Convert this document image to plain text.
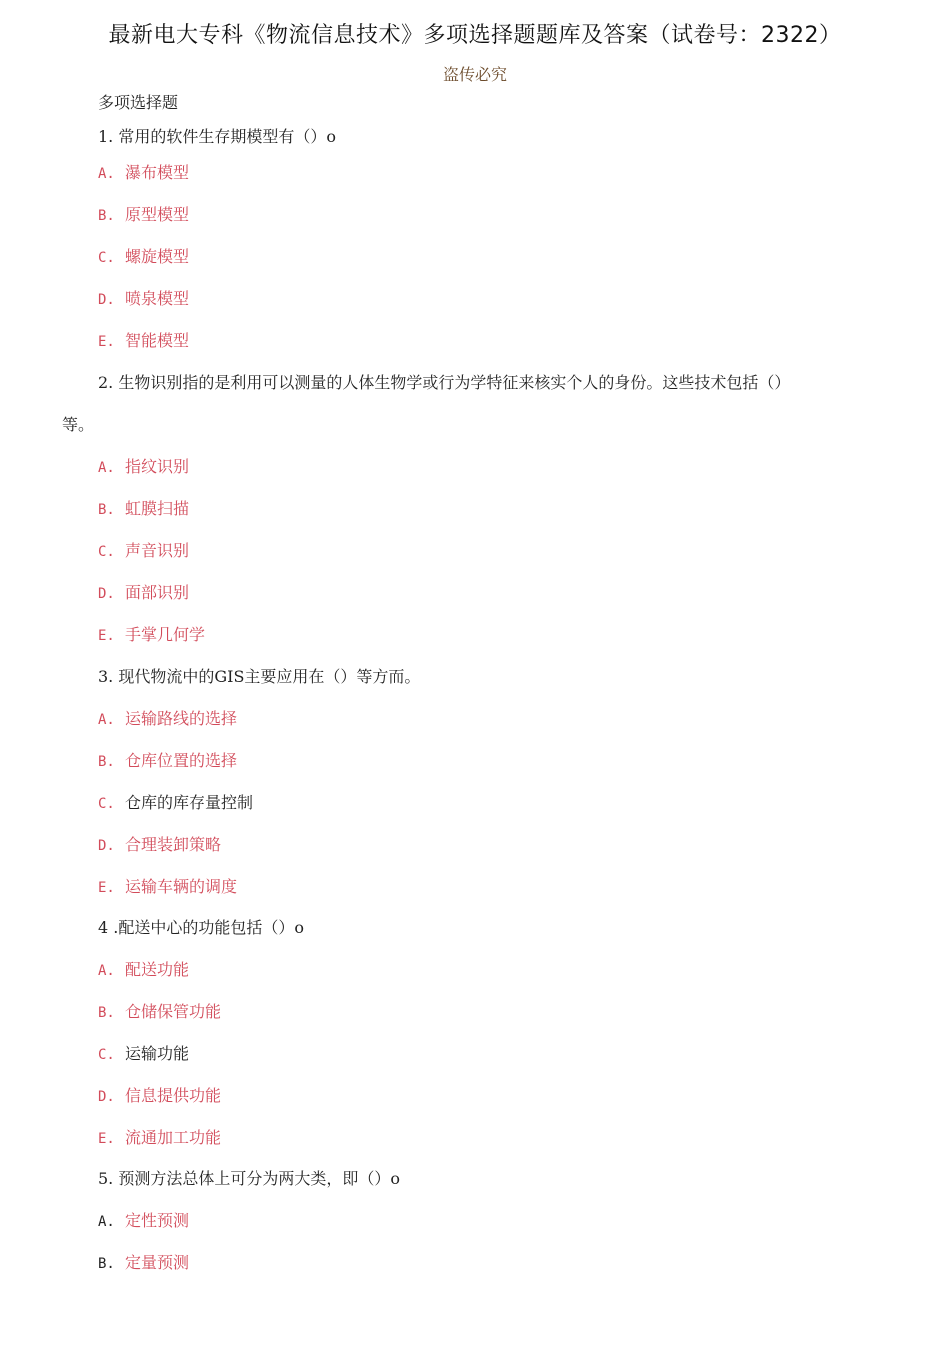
最新电大专科《物流信息技术》多项选择题题库及答案（试卷号：2322）
盗传必究
多项选择题
1. 常用的软件生存期模型有（）o
A. 瀑布模型
B. 原型模型
C. 螺旋模型
D. 喷泉模型
E. 智能模型
2. 生物识别指的是利用可以测量的人体生物学或行为学特征来核实个人的身份。这些技术包括（）
等。
A. 指纹识别
B. 虹膜扫描
C. 声音识别
D. 面部识别
E. 手掌几何学
3. 现代物流中的GIS主要应用在（）等方而。
A. 运输路线的选择
B. 仓库位置的选择
C. 仓库的库存量控制
D. 合理装卸策略
E. 运输车辆的调度
4 .配送中心的功能包括（）o
A. 配送功能
B. 仓储保管功能
C. 运输功能
D. 信息提供功能
E. 流通加工功能
5. 预测方法总体上可分为两大类，即（）o
A. 定性预测
B. 定量预测
